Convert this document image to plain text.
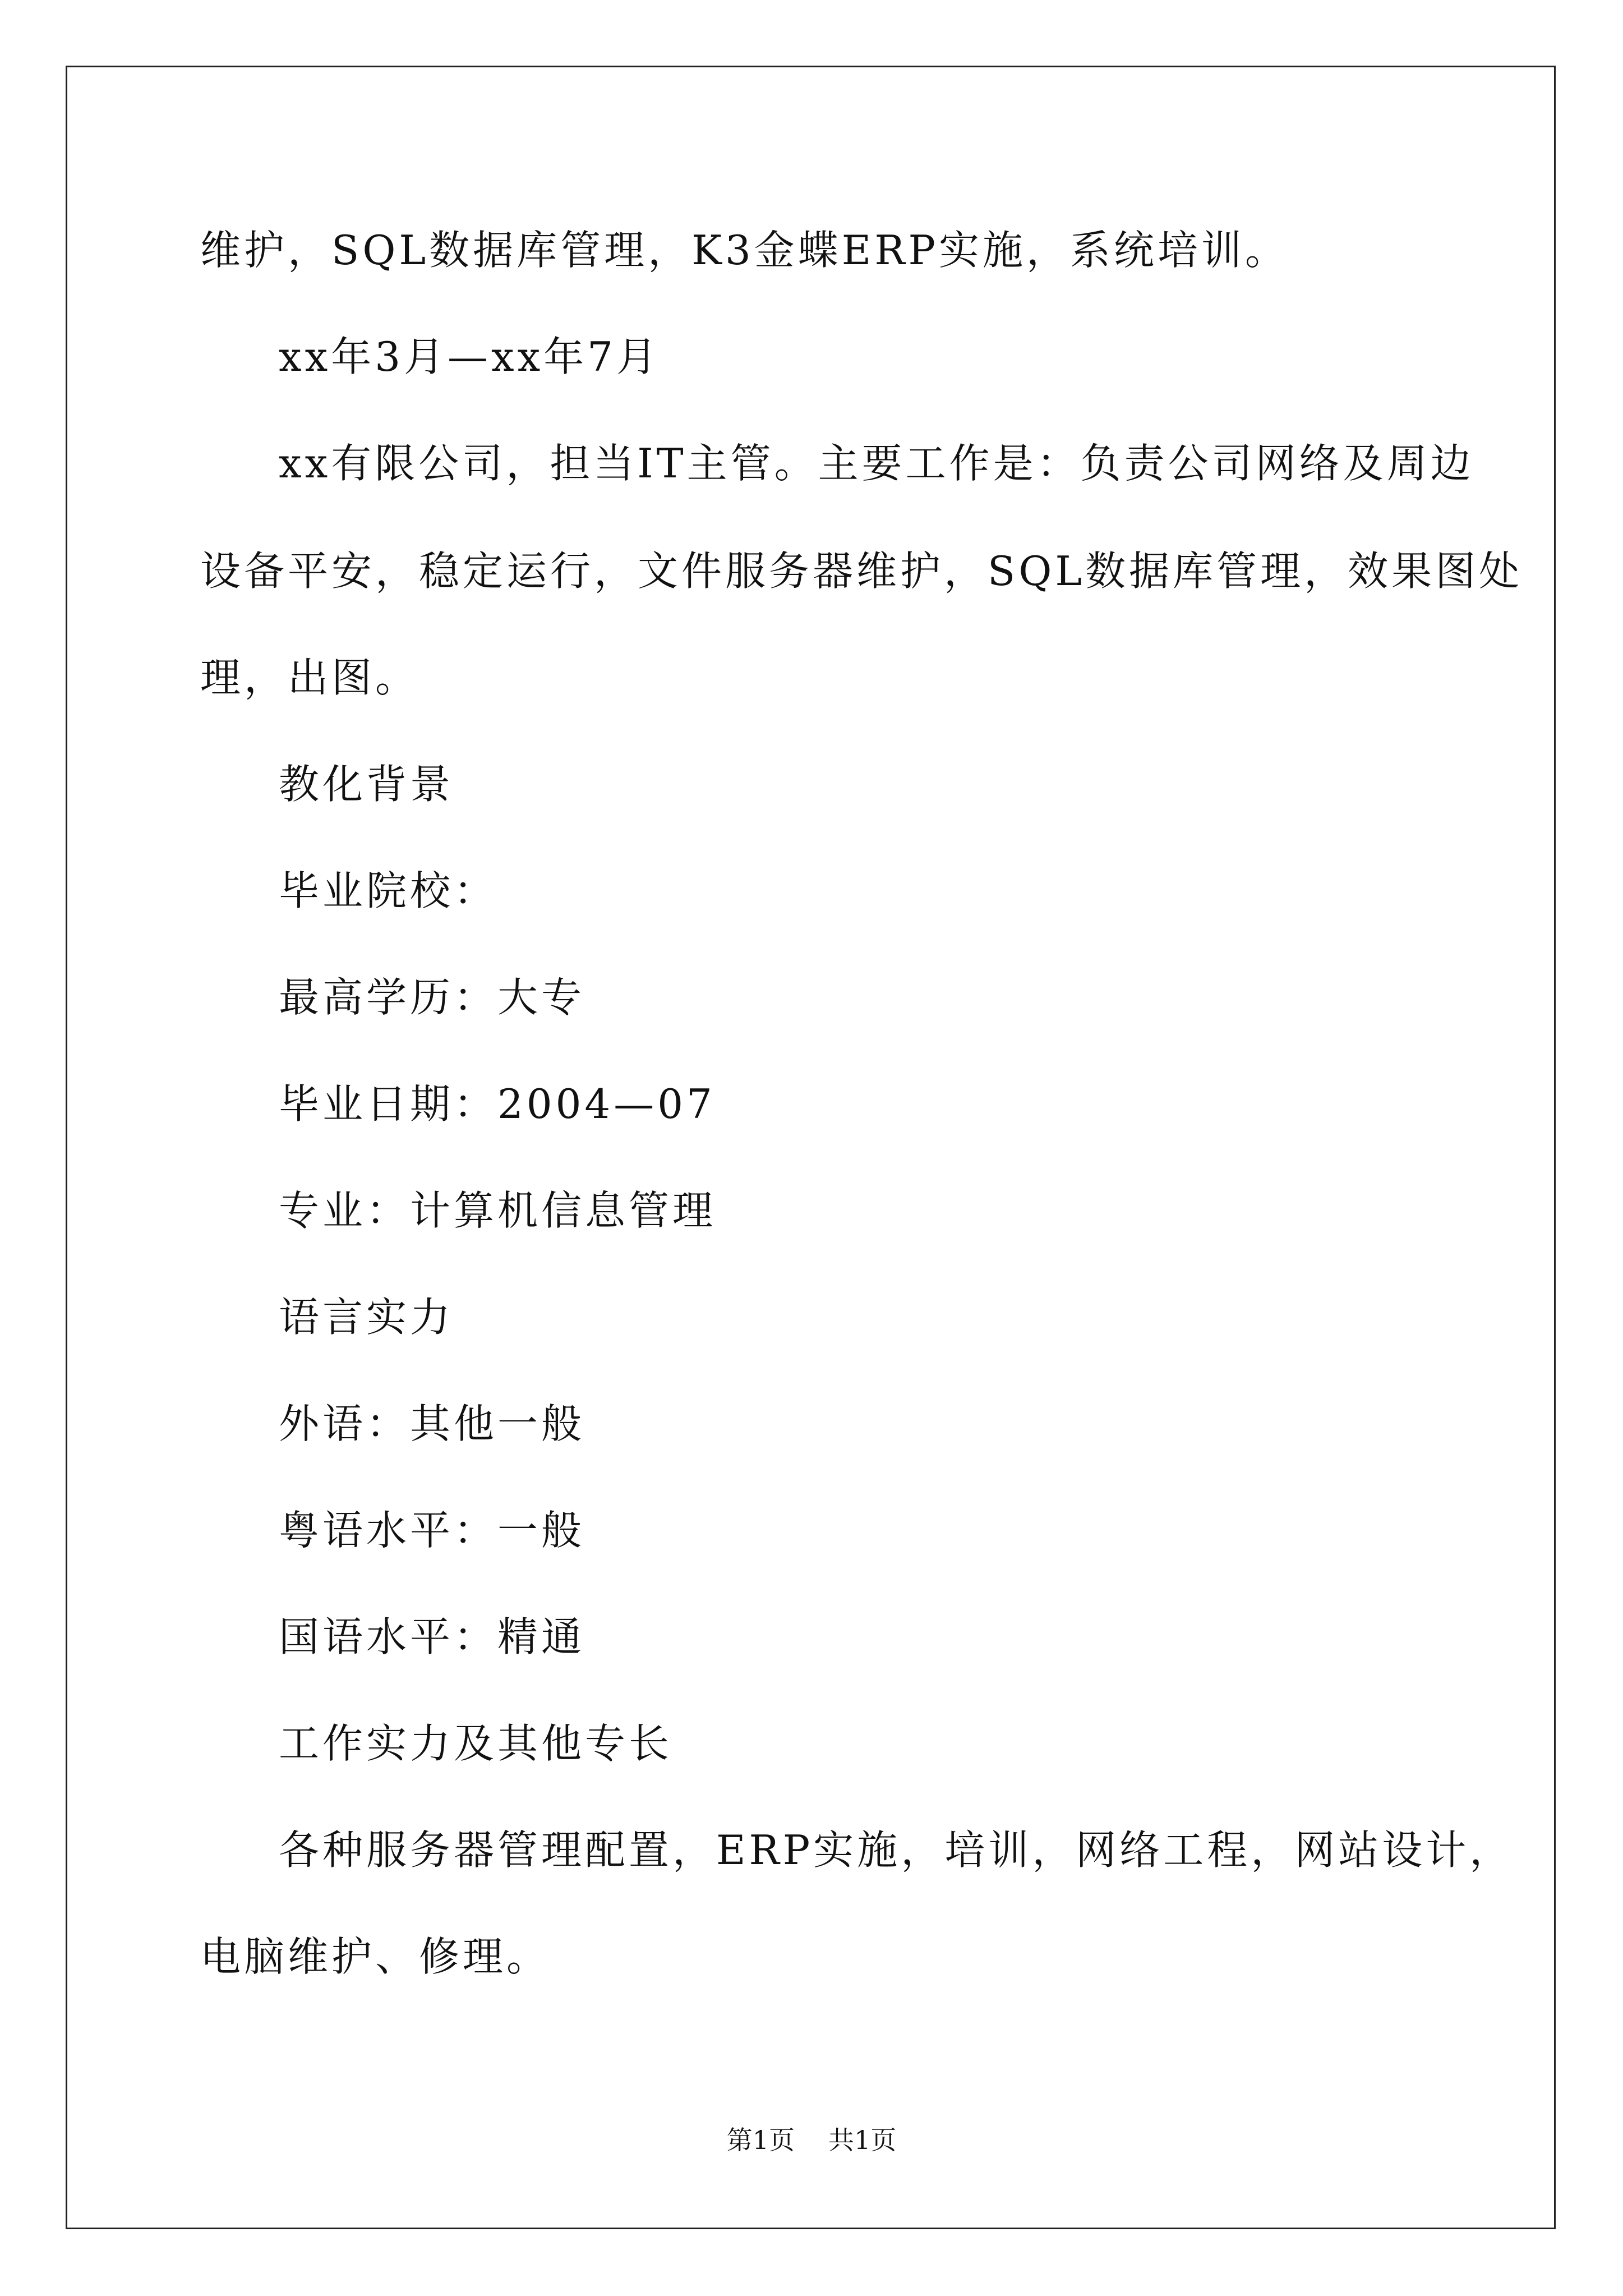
维护，SQL数据库管理，K3金蝶ERP实施，系统培训。
xx年3月—xx年7月
xx有限公司，担当IT主管。主要工作是：负责公司网络及周边
设备平安，稳定运行，文件服务器维护，SQL数据库管理，效果图处
理，出图。
教化背景
毕业院校：
最高学历：大专
毕业日期：2004—07
专业：计算机信息管理
语言实力
外语：其他一般
粤语水平：一般
国语水平：精通
工作实力及其他专长
各种服务器管理配置，ERP实施，培训，网络工程，网站设计，
电脑维护、修理。
第1页 共1页
